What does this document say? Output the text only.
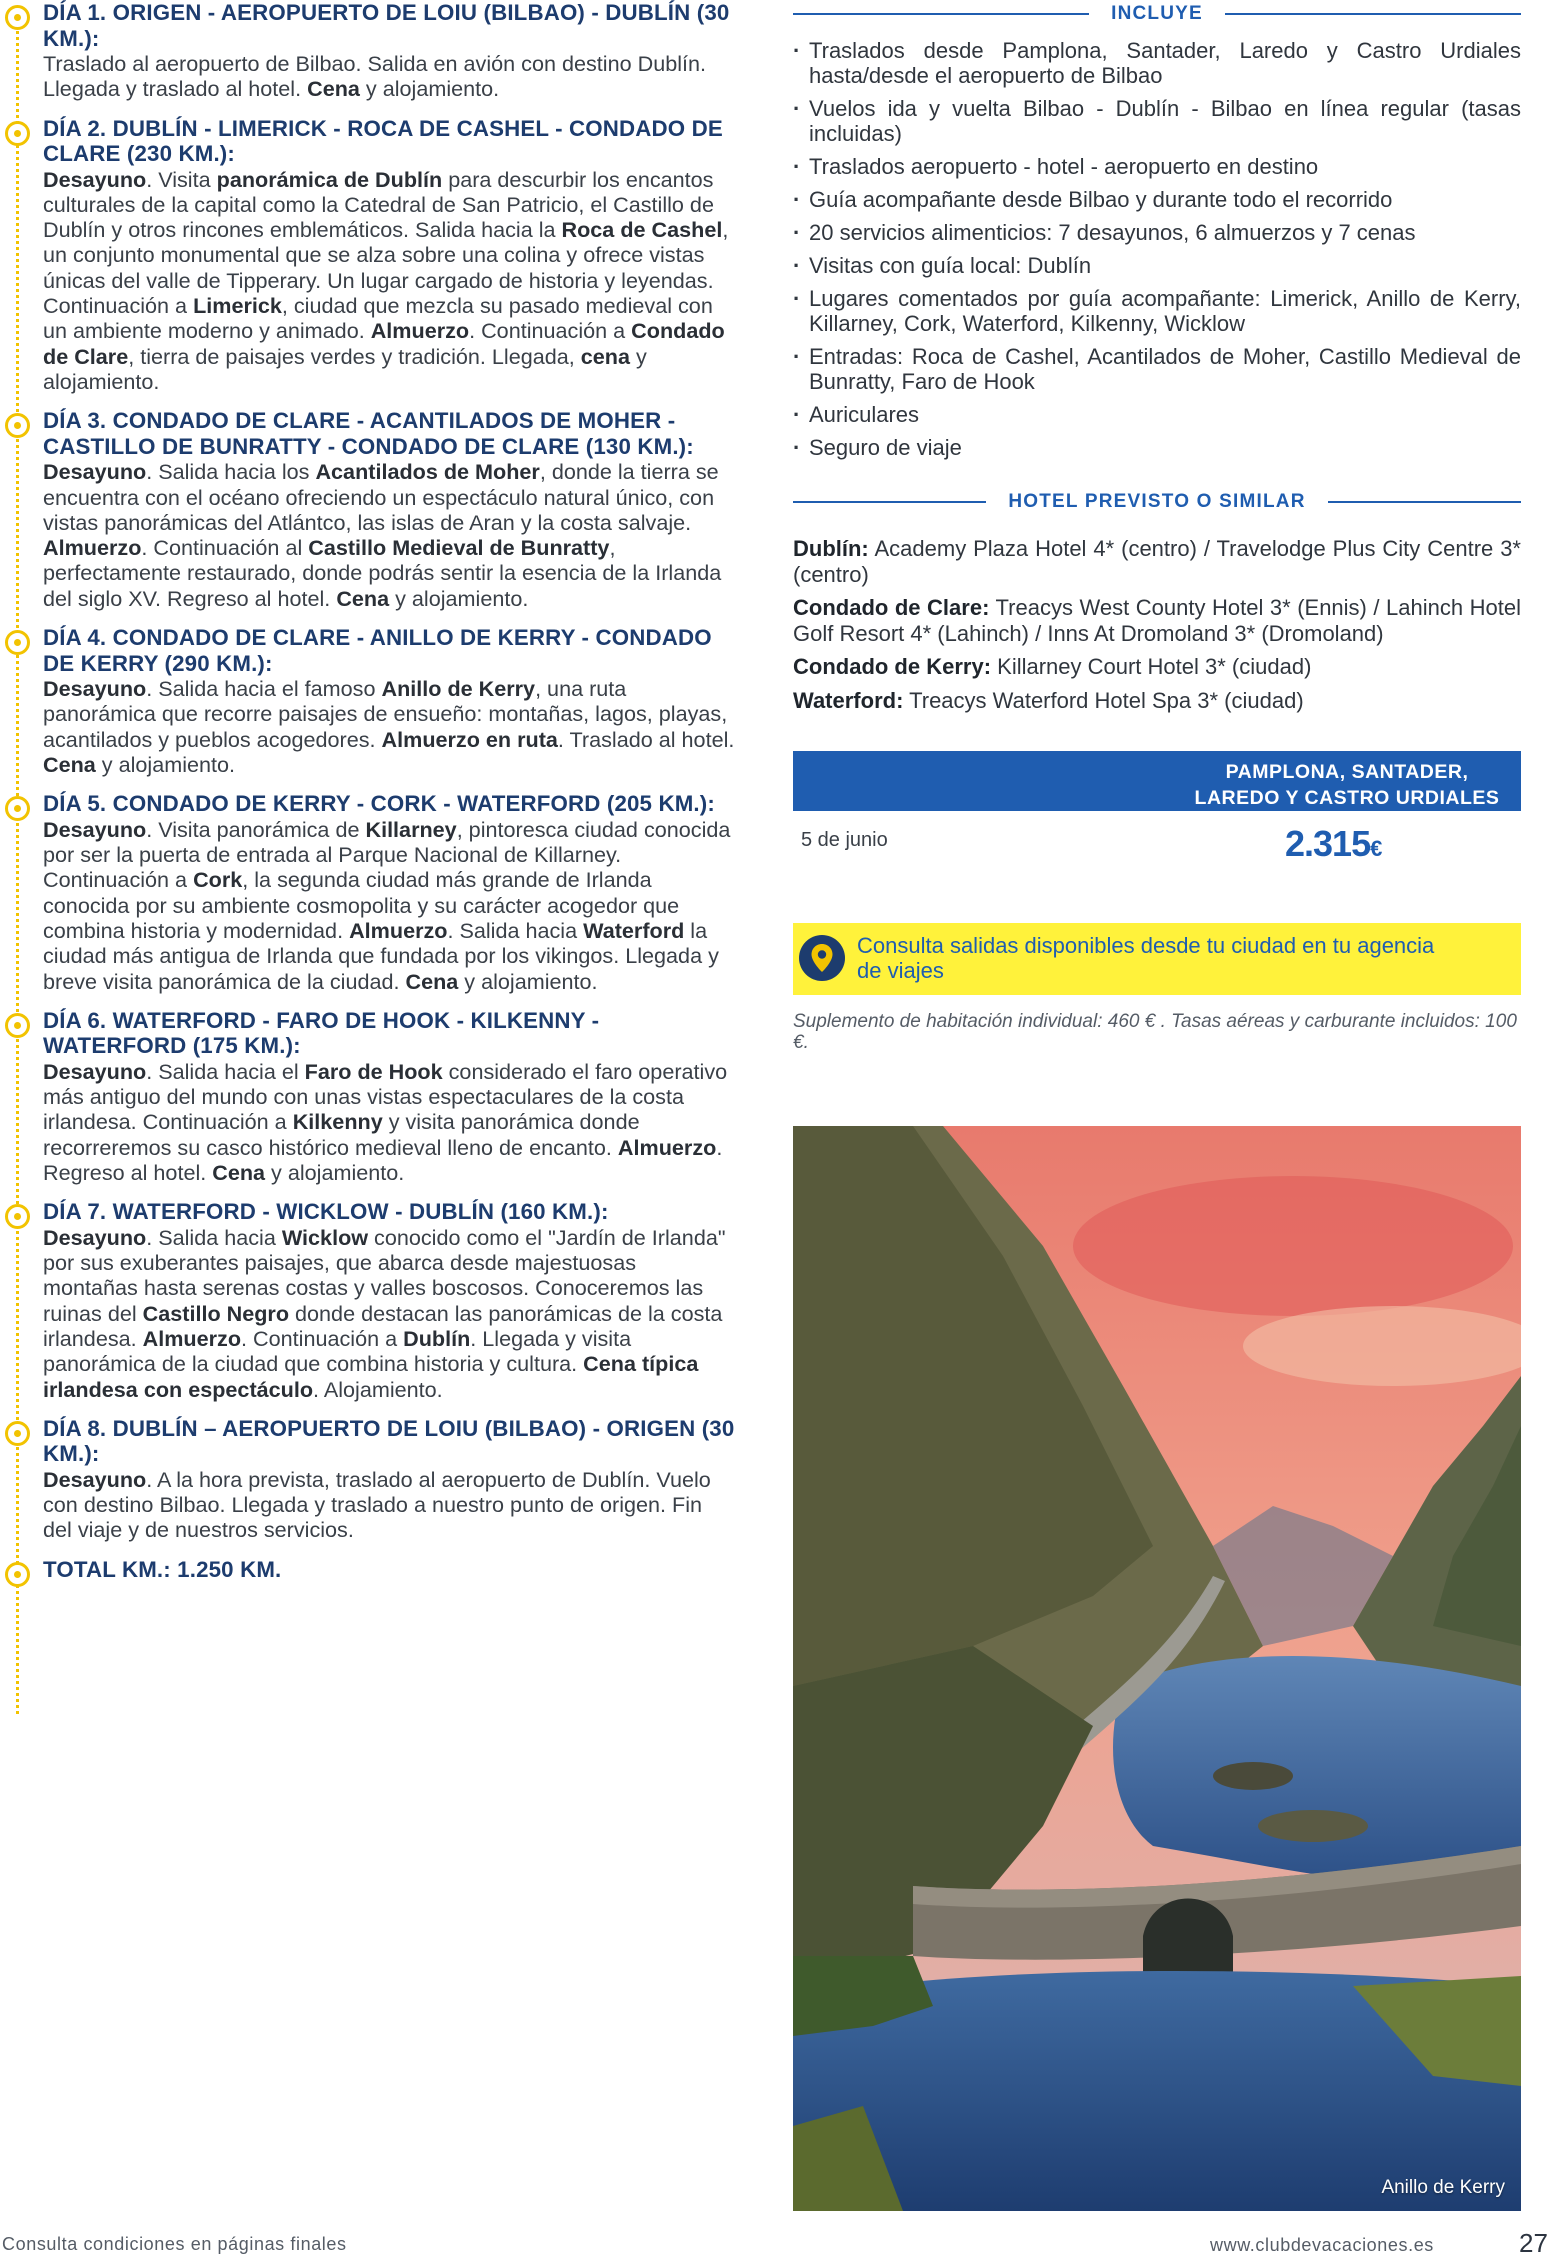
DÍA 1. ORIGEN - AEROPUERTO DE LOIU (BILBAO) - DUBLÍN (30 KM.):
Traslado al aeropuerto de Bilbao. Salida en avión con destino Dublín. Llegada y traslado al hotel. Cena y alojamiento.
DÍA 2. DUBLÍN - LIMERICK - ROCA DE CASHEL - CONDADO DE CLARE (230 KM.):
Desayuno. Visita panorámica de Dublín para descurbir los encantos culturales de la capital como la Catedral de San Patricio, el Castillo de Dublín y otros rincones emblemáticos. Salida hacia la Roca de Cashel, un conjunto monumental que se alza sobre una colina y ofrece vistas únicas del valle de Tipperary. Un lugar cargado de historia y leyendas. Continuación a Limerick, ciudad que mezcla su pasado medieval con un ambiente moderno y animado. Almuerzo. Continuación a Condado de Clare, tierra de paisajes verdes y tradición. Llegada, cena y alojamiento.
DÍA 3. CONDADO DE CLARE - ACANTILADOS DE MOHER - CASTILLO DE BUNRATTY - CONDADO DE CLARE (130 KM.):
Desayuno. Salida hacia los Acantilados de Moher, donde la tierra se encuentra con el océano ofreciendo un espectáculo natural único, con vistas panorámicas del Atlántco, las islas de Aran y la costa salvaje. Almuerzo. Continuación al Castillo Medieval de Bunratty, perfectamente restaurado, donde podrás sentir la esencia de la Irlanda del siglo XV. Regreso al hotel. Cena y alojamiento.
DÍA 4. CONDADO DE CLARE - ANILLO DE KERRY - CONDADO DE KERRY (290 KM.):
Desayuno. Salida hacia el famoso Anillo de Kerry, una ruta panorámica que recorre paisajes de ensueño: montañas, lagos, playas, acantilados y pueblos acogedores. Almuerzo en ruta. Traslado al hotel. Cena y alojamiento.
DÍA 5. CONDADO DE KERRY - CORK - WATERFORD (205 KM.):
Desayuno. Visita panorámica de Killarney, pintoresca ciudad conocida por ser la puerta de entrada al Parque Nacional de Killarney. Continuación a Cork, la segunda ciudad más grande de Irlanda conocida por su ambiente cosmopolita y su carácter acogedor que combina historia y modernidad. Almuerzo. Salida hacia Waterford la ciudad más antigua de Irlanda que fundada por los vikingos. Llegada y breve visita panorámica de la ciudad. Cena y alojamiento.
DÍA 6. WATERFORD - FARO DE HOOK - KILKENNY - WATERFORD (175 KM.):
Desayuno. Salida hacia el Faro de Hook considerado el faro operativo más antiguo del mundo con unas vistas espectaculares de la costa irlandesa. Continuación a Kilkenny y visita panorámica donde recorreremos su casco histórico medieval lleno de encanto. Almuerzo. Regreso al hotel. Cena y alojamiento.
DÍA 7. WATERFORD - WICKLOW - DUBLÍN (160 KM.):
Desayuno. Salida hacia Wicklow conocido como el "Jardín de Irlanda" por sus exuberantes paisajes, que abarca desde majestuosas montañas hasta serenas costas y valles boscosos. Conoceremos las ruinas del Castillo Negro donde destacan las panorámicas de la costa irlandesa. Almuerzo. Continuación a Dublín. Llegada y visita panorámica de la ciudad que combina historia y cultura. Cena típica irlandesa con espectáculo. Alojamiento.
DÍA 8. DUBLÍN – AEROPUERTO DE LOIU (BILBAO) - ORIGEN (30 KM.):
Desayuno. A la hora prevista, traslado al aeropuerto de Dublín. Vuelo con destino Bilbao. Llegada y traslado a nuestro punto de origen. Fin del viaje y de nuestros servicios.
TOTAL KM.: 1.250 KM.
INCLUYE
· Traslados desde Pamplona, Santader, Laredo y Castro Urdiales hasta/desde el aeropuerto de Bilbao
· Vuelos ida y vuelta Bilbao - Dublín - Bilbao en línea regular (tasas incluidas)
· Traslados aeropuerto - hotel - aeropuerto en destino
· Guía acompañante desde Bilbao y durante todo el recorrido
· 20 servicios alimenticios: 7 desayunos, 6 almuerzos y 7 cenas
· Visitas con guía local: Dublín
· Lugares comentados por guía acompañante: Limerick, Anillo de Kerry, Killarney, Cork, Waterford, Kilkenny, Wicklow
· Entradas: Roca de Cashel, Acantilados de Moher, Castillo Medieval de Bunratty, Faro de Hook
· Auriculares
· Seguro de viaje
HOTEL PREVISTO O SIMILAR
Dublín: Academy Plaza Hotel 4* (centro) / Travelodge Plus City Centre 3* (centro)
Condado de Clare: Treacys West County Hotel 3* (Ennis) / Lahinch Hotel Golf Resort 4* (Lahinch) / Inns At Dromoland 3* (Dromoland)
Condado de Kerry: Killarney Court Hotel 3* (ciudad)
Waterford: Treacys Waterford Hotel Spa 3* (ciudad)
PAMPLONA, SANTADER,
LAREDO Y CASTRO URDIALES
5 de junio	2.315€
Consulta salidas disponibles desde tu ciudad en tu agencia de viajes
Suplemento de habitación individual: 460 € . Tasas aéreas y carburante incluidos: 100 €.
Anillo de Kerry
Consulta condiciones en páginas finales	www.clubdevacaciones.es	27
